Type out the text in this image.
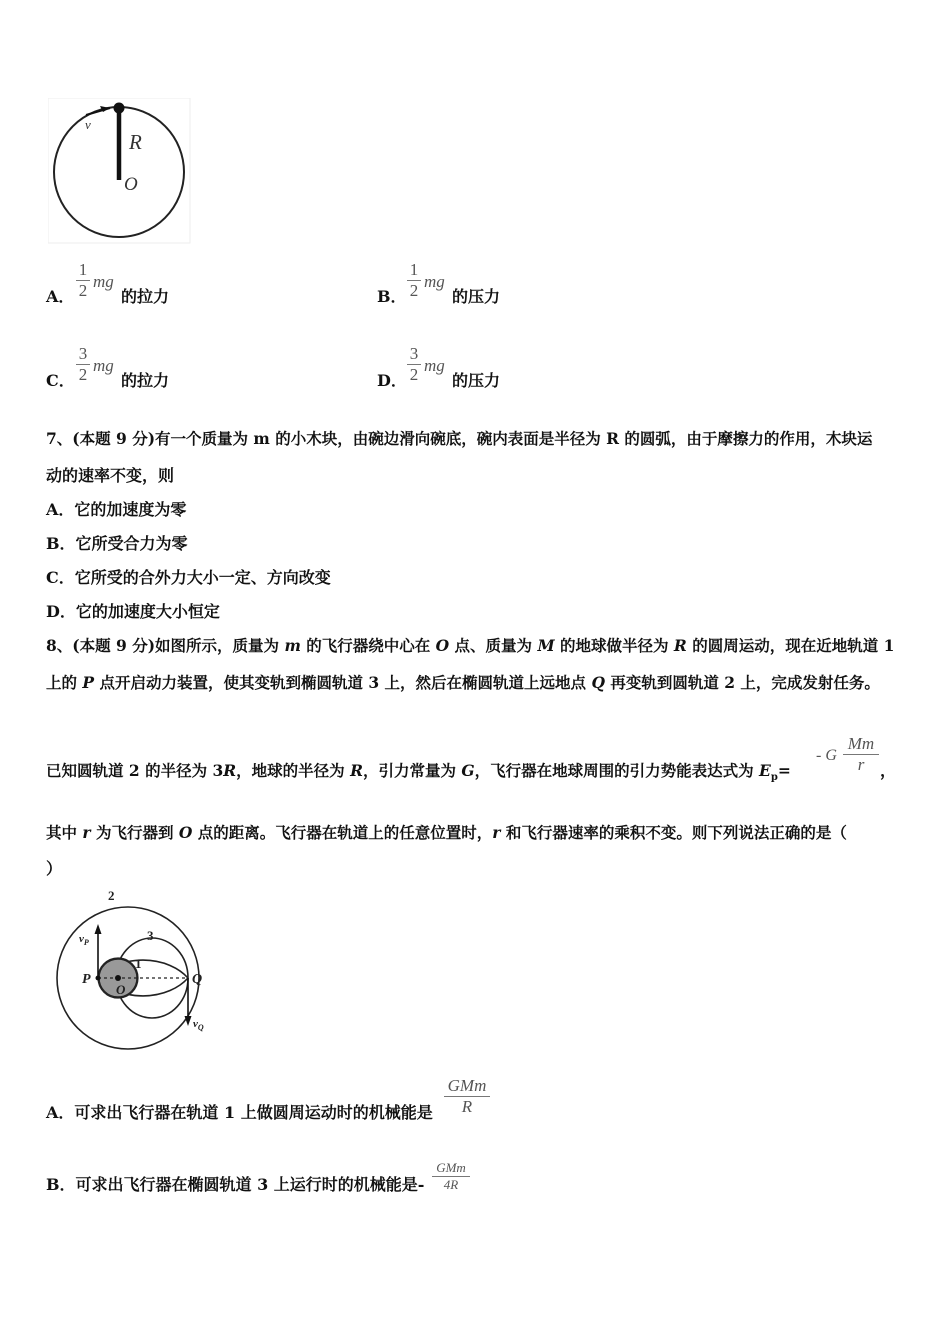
v
R
O
A．
1
2 mg
的拉力	B．
1
2 mg
的压力
C．
3
2 mg
的拉力	D．
3
2 mg
的压力
7、(本题 9 分)有一个质量为 m 的小木块，由碗边滑向碗底，碗内表面是半径为 R 的圆弧，由于摩擦力的作用，木块运
动的速率不变，则
A．它的加速度为零
B．它所受合力为零
C．它所受的合外力大小一定、方向改变
D．它的加速度大小恒定
8、(本题 9 分)如图所示，质量为 m 的飞行器绕中心在 O 点、质量为 M 的地球做半径为 R 的圆周运动，现在近地轨道 1
上的 P 点开启动力装置，使其变轨到椭圆轨道 3 上，然后在椭圆轨道上远地点 Q 再变轨到圆轨道 2 上，完成发射任务。
已知圆轨道 2 的半径为 3R，地球的半径为 R，引力常量为 G，飞行器在地球周围的引力势能表达式为 $E_p=$
- G
Mm
r ，
其中 r 为飞行器到 O 点的距离。飞行器在轨道上的任意位置时，r 和飞行器速率的乘积不变。则下列说法正确的是（
）
2
3
1
$v_P$
P
O
Q
$v_Q$
A．可求出飞行器在轨道 1 上做圆周运动时的机械能是
GMm
R
B．可求出飞行器在椭圆轨道 3 上运行时的机械能是-
GMm
4R
